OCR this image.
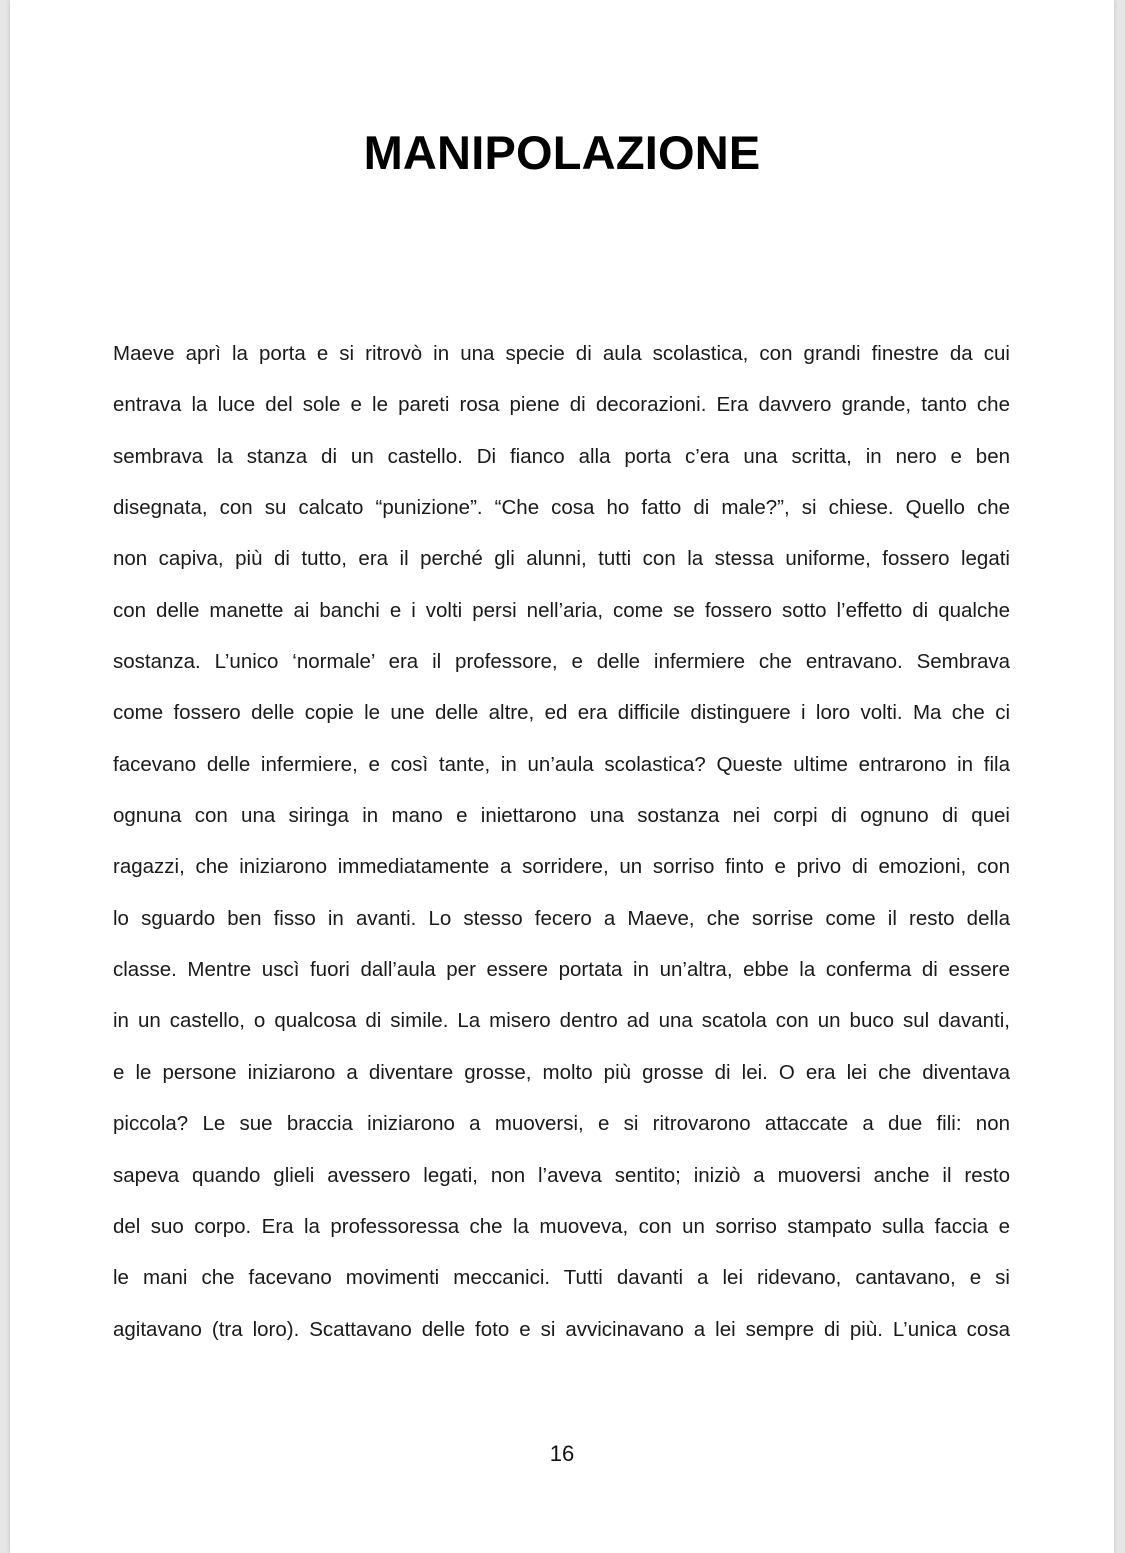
MANIPOLAZIONE
Maeve aprì la porta e si ritrovò in una specie di aula scolastica, con grandi finestre da cui
entrava la luce del sole e le pareti rosa piene di decorazioni. Era davvero grande, tanto che
sembrava la stanza di un castello. Di fianco alla porta c’era una scritta, in nero e ben
disegnata, con su calcato “punizione”. “Che cosa ho fatto di male?”, si chiese. Quello che
non capiva, più di tutto, era il perché gli alunni, tutti con la stessa uniforme, fossero legati
con delle manette ai banchi e i volti persi nell’aria, come se fossero sotto l’effetto di qualche
sostanza. L’unico ‘normale’ era il professore, e delle infermiere che entravano. Sembrava
come fossero delle copie le une delle altre, ed era difficile distinguere i loro volti. Ma che ci
facevano delle infermiere, e così tante, in un’aula scolastica? Queste ultime entrarono in fila
ognuna con una siringa in mano e iniettarono una sostanza nei corpi di ognuno di quei
ragazzi, che iniziarono immediatamente a sorridere, un sorriso finto e privo di emozioni, con
lo sguardo ben fisso in avanti. Lo stesso fecero a Maeve, che sorrise come il resto della
classe. Mentre uscì fuori dall’aula per essere portata in un’altra, ebbe la conferma di essere
in un castello, o qualcosa di simile. La misero dentro ad una scatola con un buco sul davanti,
e le persone iniziarono a diventare grosse, molto più grosse di lei. O era lei che diventava
piccola? Le sue braccia iniziarono a muoversi, e si ritrovarono attaccate a due fili: non
sapeva quando glieli avessero legati, non l’aveva sentito; iniziò a muoversi anche il resto
del suo corpo. Era la professoressa che la muoveva, con un sorriso stampato sulla faccia e
le mani che facevano movimenti meccanici. Tutti davanti a lei ridevano, cantavano, e si
agitavano (tra loro). Scattavano delle foto e si avvicinavano a lei sempre di più. L’unica cosa
16
